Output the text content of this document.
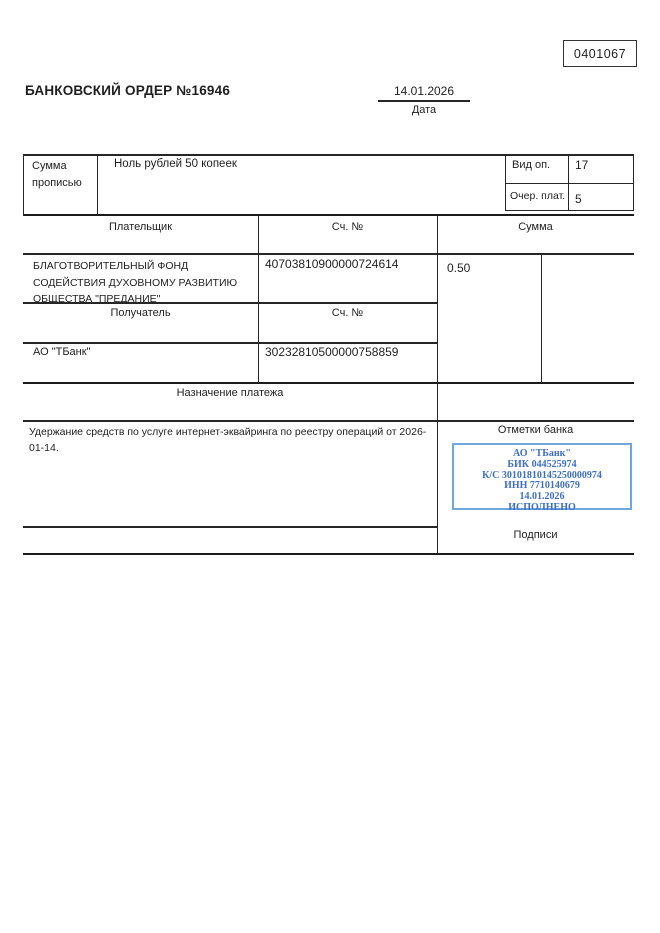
0401067
БАНКОВСКИЙ ОРДЕР №16946	14.01.2026
Дата
Сумма прописью
Ноль рублей 50 копеек	Вид оп. 17
Очер. плат. 5
Плательщик	Сч. №	Сумма
БЛАГОТВОРИТЕЛЬНЫЙ ФОНД СОДЕЙСТВИЯ ДУХОВНОМУ РАЗВИТИЮ ОБЩЕСТВА "ПРЕДАНИЕ"
40703810900000724614	0.50
Получатель	Сч. №
АО "ТБанк"	30232810500000758859
Назначение платежа
Удержание средств по услуге интернет-эквайринга по реестру операций от 2026-01-14.
Отметки банка
АО "ТБанк"
БИК 044525974
К/С 30101810145250000974
ИНН 7710140679
14.01.2026
ИСПОЛНЕНО
Подписи
